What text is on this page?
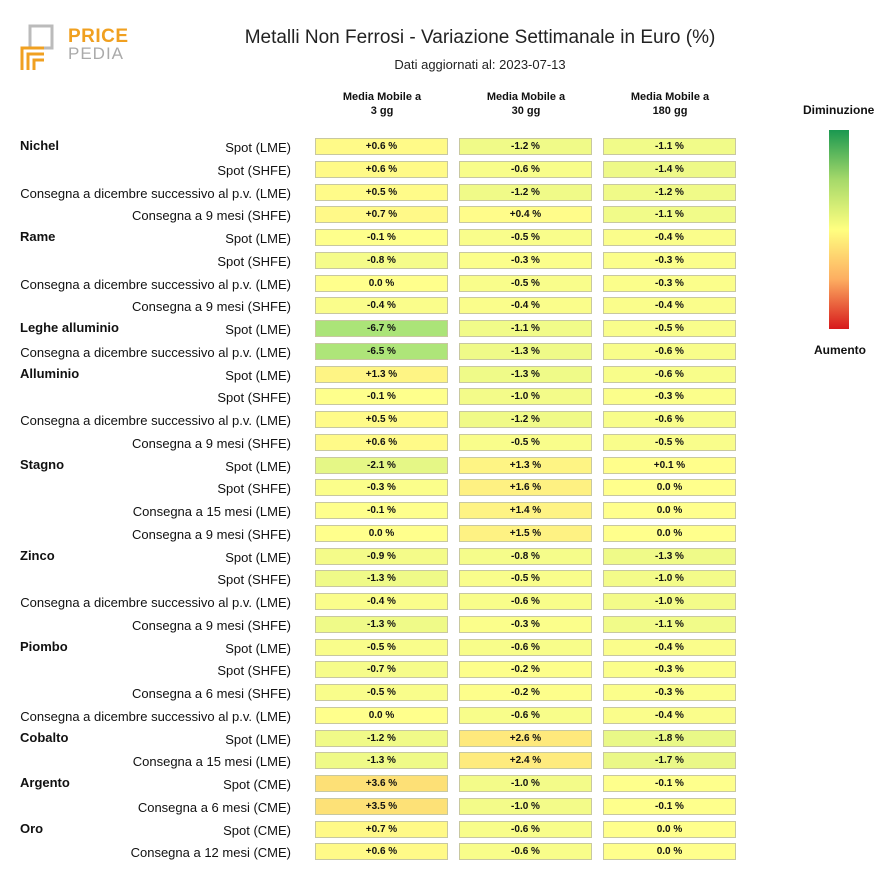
PRICE
PEDIA
Metalli Non Ferrosi - Variazione Settimanale in Euro (%)
Dati aggiornati al: 2023-07-13
Media Mobile a
3 gg
Media Mobile a
30 gg
Media Mobile a
180 gg
Nichel	Spot (LME)	+0.6 %	-1.2 %	-1.1 %
Spot (SHFE)	+0.6 %	-0.6 %	-1.4 %
Consegna a dicembre successivo al p.v. (LME)	+0.5 %	-1.2 %	-1.2 %
Consegna a 9 mesi (SHFE)	+0.7 %	+0.4 %	-1.1 %
Rame	Spot (LME)	-0.1 %	-0.5 %	-0.4 %
Spot (SHFE)	-0.8 %	-0.3 %	-0.3 %
Consegna a dicembre successivo al p.v. (LME)	0.0 %	-0.5 %	-0.3 %
Consegna a 9 mesi (SHFE)	-0.4 %	-0.4 %	-0.4 %
Leghe alluminio	Spot (LME)	-6.7 %	-1.1 %	-0.5 %
Consegna a dicembre successivo al p.v. (LME)	-6.5 %	-1.3 %	-0.6 %
Alluminio	Spot (LME)	+1.3 %	-1.3 %	-0.6 %
Spot (SHFE)	-0.1 %	-1.0 %	-0.3 %
Consegna a dicembre successivo al p.v. (LME)	+0.5 %	-1.2 %	-0.6 %
Consegna a 9 mesi (SHFE)	+0.6 %	-0.5 %	-0.5 %
Stagno	Spot (LME)	-2.1 %	+1.3 %	+0.1 %
Spot (SHFE)	-0.3 %	+1.6 %	0.0 %
Consegna a 15 mesi (LME)	-0.1 %	+1.4 %	0.0 %
Consegna a 9 mesi (SHFE)	0.0 %	+1.5 %	0.0 %
Zinco	Spot (LME)	-0.9 %	-0.8 %	-1.3 %
Spot (SHFE)	-1.3 %	-0.5 %	-1.0 %
Consegna a dicembre successivo al p.v. (LME)	-0.4 %	-0.6 %	-1.0 %
Consegna a 9 mesi (SHFE)	-1.3 %	-0.3 %	-1.1 %
Piombo	Spot (LME)	-0.5 %	-0.6 %	-0.4 %
Spot (SHFE)	-0.7 %	-0.2 %	-0.3 %
Consegna a 6 mesi (SHFE)	-0.5 %	-0.2 %	-0.3 %
Consegna a dicembre successivo al p.v. (LME)	0.0 %	-0.6 %	-0.4 %
Cobalto	Spot (LME)	-1.2 %	+2.6 %	-1.8 %
Consegna a 15 mesi (LME)	-1.3 %	+2.4 %	-1.7 %
Argento	Spot (CME)	+3.6 %	-1.0 %	-0.1 %
Consegna a 6 mesi (CME)	+3.5 %	-1.0 %	-0.1 %
Oro	Spot (CME)	+0.7 %	-0.6 %	0.0 %
Consegna a 12 mesi (CME)	+0.6 %	-0.6 %	0.0 %
Diminuzione
Aumento
